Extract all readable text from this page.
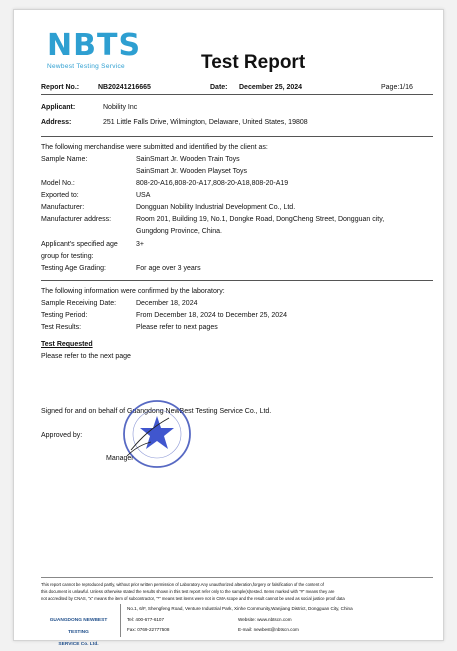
NBTS
Newbest Testing Service	Test Report
Report No.:	NB20241216665	Date: December 25, 2024	Page:1/16
Applicant:	Nobility Inc
Address:	251 Little Falls Drive, Wilmington, Delaware, United States, 19808
The following merchandise were submitted and identified by the client as:
Sample Name:	SainSmart Jr. Wooden Train Toys
SainSmart Jr. Wooden Playset Toys
Model No.:	808-20-A16,808-20-A17,808-20-A18,808-20-A19
Exported to:	USA
Manufacturer:	Dongguan Nobility Industrial Development Co., Ltd.
Manufacturer address:	Room 201, Building 19, No.1, Dongke Road, DongCheng Street, Dongguan city,
Gungdong Province, China.
Applicant's specified age	3+
group for testing:
Testing Age Grading:	For age over 3 years
The following information were confirmed by the laboratory:
Sample Receiving Date:	December 18, 2024
Testing Period:	From December 18, 2024 to December 25, 2024
Test Results:	Please refer to next pages
Test Requested
Please refer to the next page
Signed for and on behalf of Guangdong NewBest Testing Service Co., Ltd.
Approved by:
Manager
This report cannot be reproduced partly, without prior written permission of Laboratory.Any unauthorized alteration,forgery or falsification of the content of
this document is unlawful. Unless otherwise stated the results shown in this test report refer only to the sample(s)tested. Items marked with "#" means they are
not accredited by CNAS, "x" means the item of subcontractor, "*" means test items were not in CMA scope and the result cannot be used as social justice proof data
GUANGDONG NEWBEST TESTING
SERVICE Co. Ltd.
No.1, 6/F, Shengfeng Road, Venture Industrial Park, Xinhe Community,Wanjiang District, Dongguan City, China
Tel: 400-677-6107
Fax: 0769-22777508
Website: www.nbtscn.com
E-mail: newbest@nbtscn.com
